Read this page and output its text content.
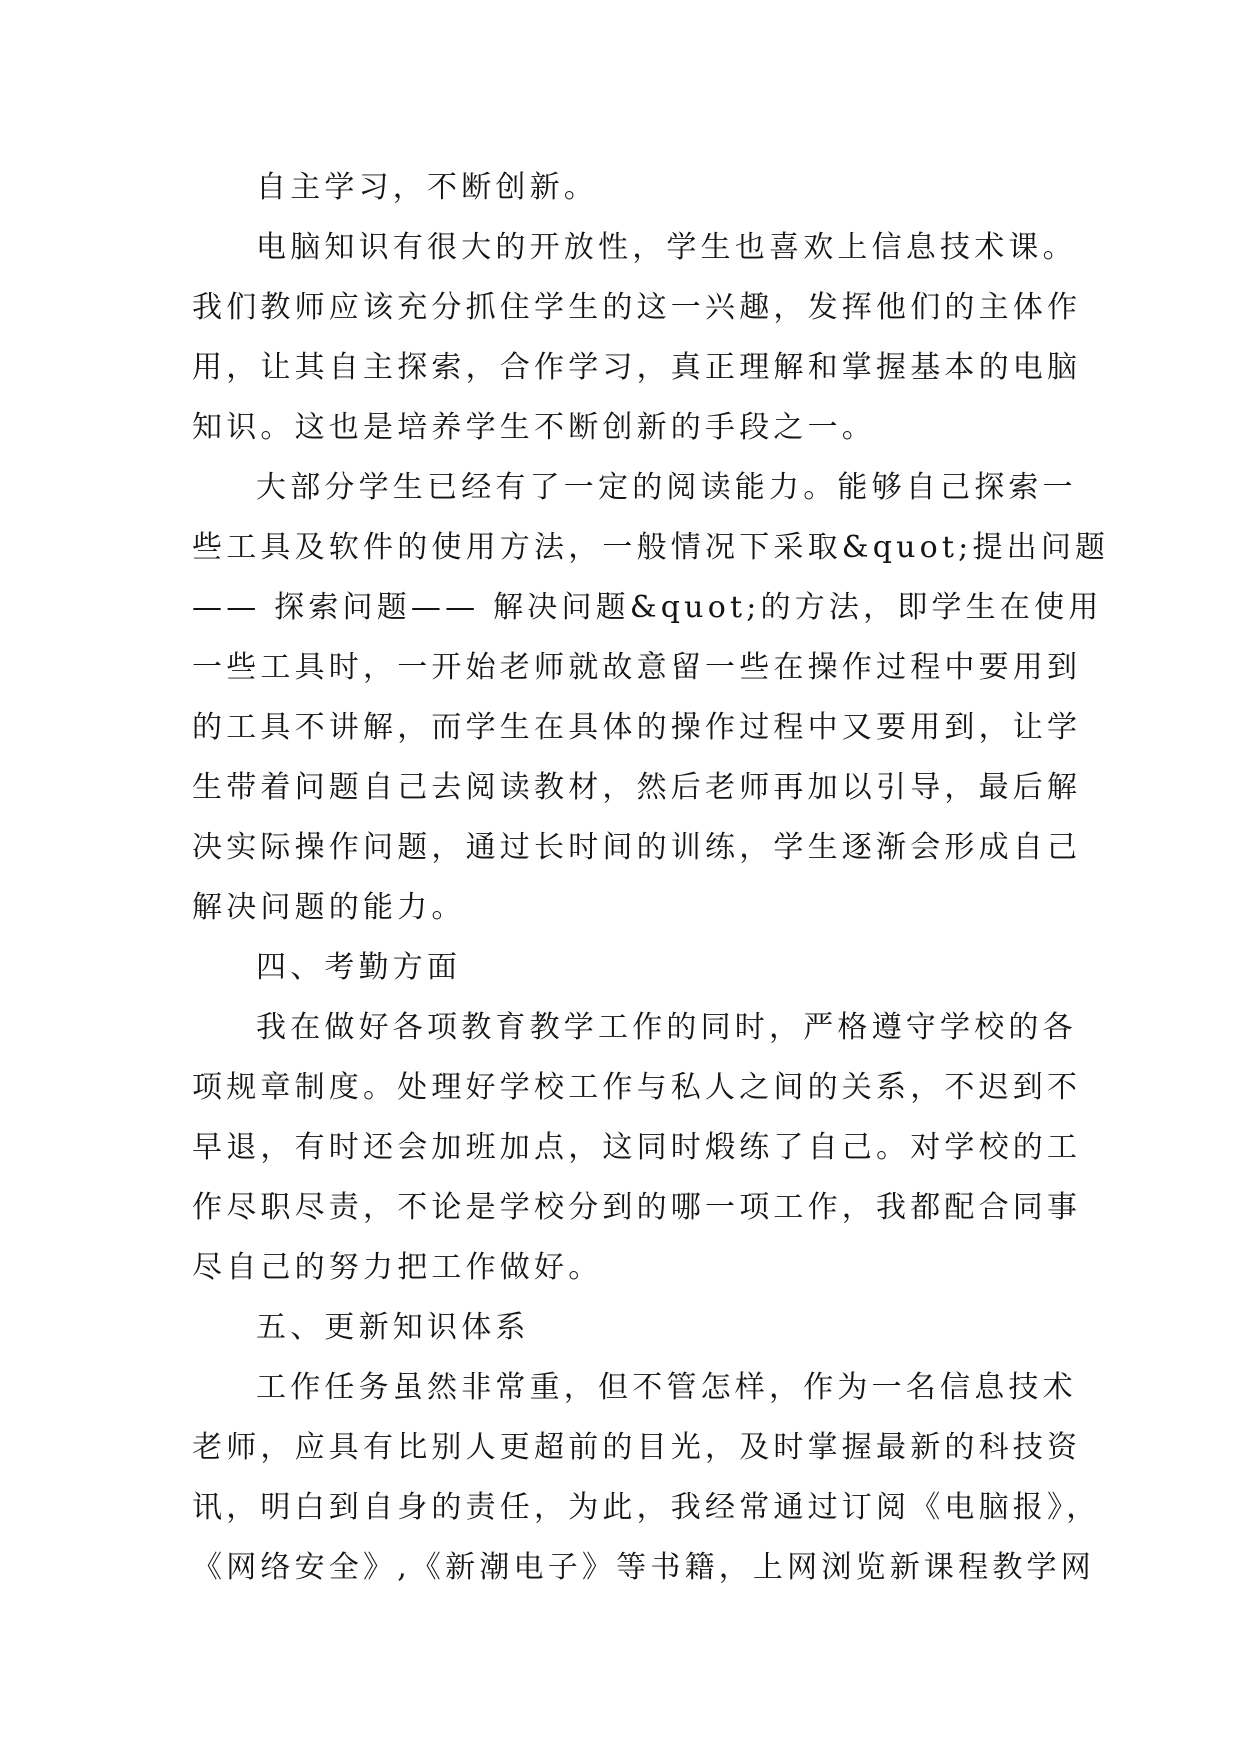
自主学习，不断创新。
电脑知识有很大的开放性，学生也喜欢上信息技术课。
我们教师应该充分抓住学生的这一兴趣，发挥他们的主体作
用，让其自主探索，合作学习，真正理解和掌握基本的电脑
知识。这也是培养学生不断创新的手段之一。
大部分学生已经有了一定的阅读能力。能够自己探索一
些工具及软件的使用方法，一般情况下采取&quot;提出问题
—— 探索问题—— 解决问题&quot;的方法，即学生在使用
一些工具时，一开始老师就故意留一些在操作过程中要用到
的工具不讲解，而学生在具体的操作过程中又要用到，让学
生带着问题自己去阅读教材，然后老师再加以引导，最后解
决实际操作问题，通过长时间的训练，学生逐渐会形成自己
解决问题的能力。
四、考勤方面
我在做好各项教育教学工作的同时，严格遵守学校的各
项规章制度。处理好学校工作与私人之间的关系，不迟到不
早退，有时还会加班加点，这同时煅练了自己。对学校的工
作尽职尽责，不论是学校分到的哪一项工作，我都配合同事
尽自己的努力把工作做好。
五、更新知识体系
工作任务虽然非常重，但不管怎样，作为一名信息技术
老师，应具有比别人更超前的目光，及时掌握最新的科技资
讯，明白到自身的责任，为此，我经常通过订阅《电脑报》，
《网络安全》,《新潮电子》等书籍，上网浏览新课程教学网
